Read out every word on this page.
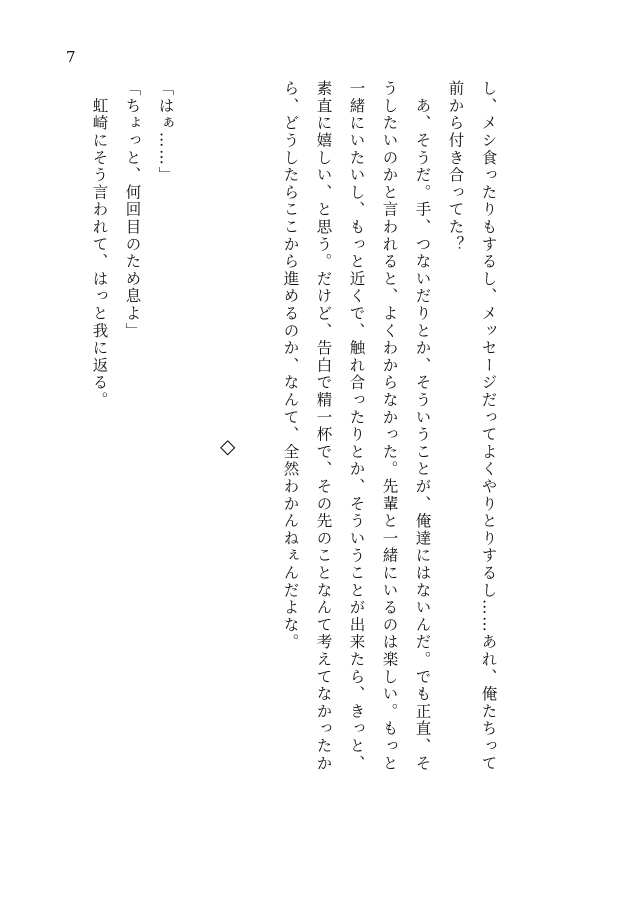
7
し、メシ食ったりもするし、メッセージだってよくやりとりするし……あれ、俺たちって
前から付き合ってた？
　あ、そうだ。手、つないだりとか、そういうことが、俺達にはないんだ。でも正直、そ
うしたいのかと言われると、よくわからなかった。先輩と一緒にいるのは楽しい。もっと
一緒にいたいし、もっと近くで、触れ合ったりとか、そういうことが出来たら、きっと、
素直に嬉しい、と思う。だけど、告白で精一杯で、その先のことなんて考えてなかったか
ら、どうしたらここから進めるのか、なんて、全然わかんねぇんだよな。
◇
「はぁ……」
「ちょっと、何回目のため息よ」
　虹崎にそう言われて、はっと我に返る。
